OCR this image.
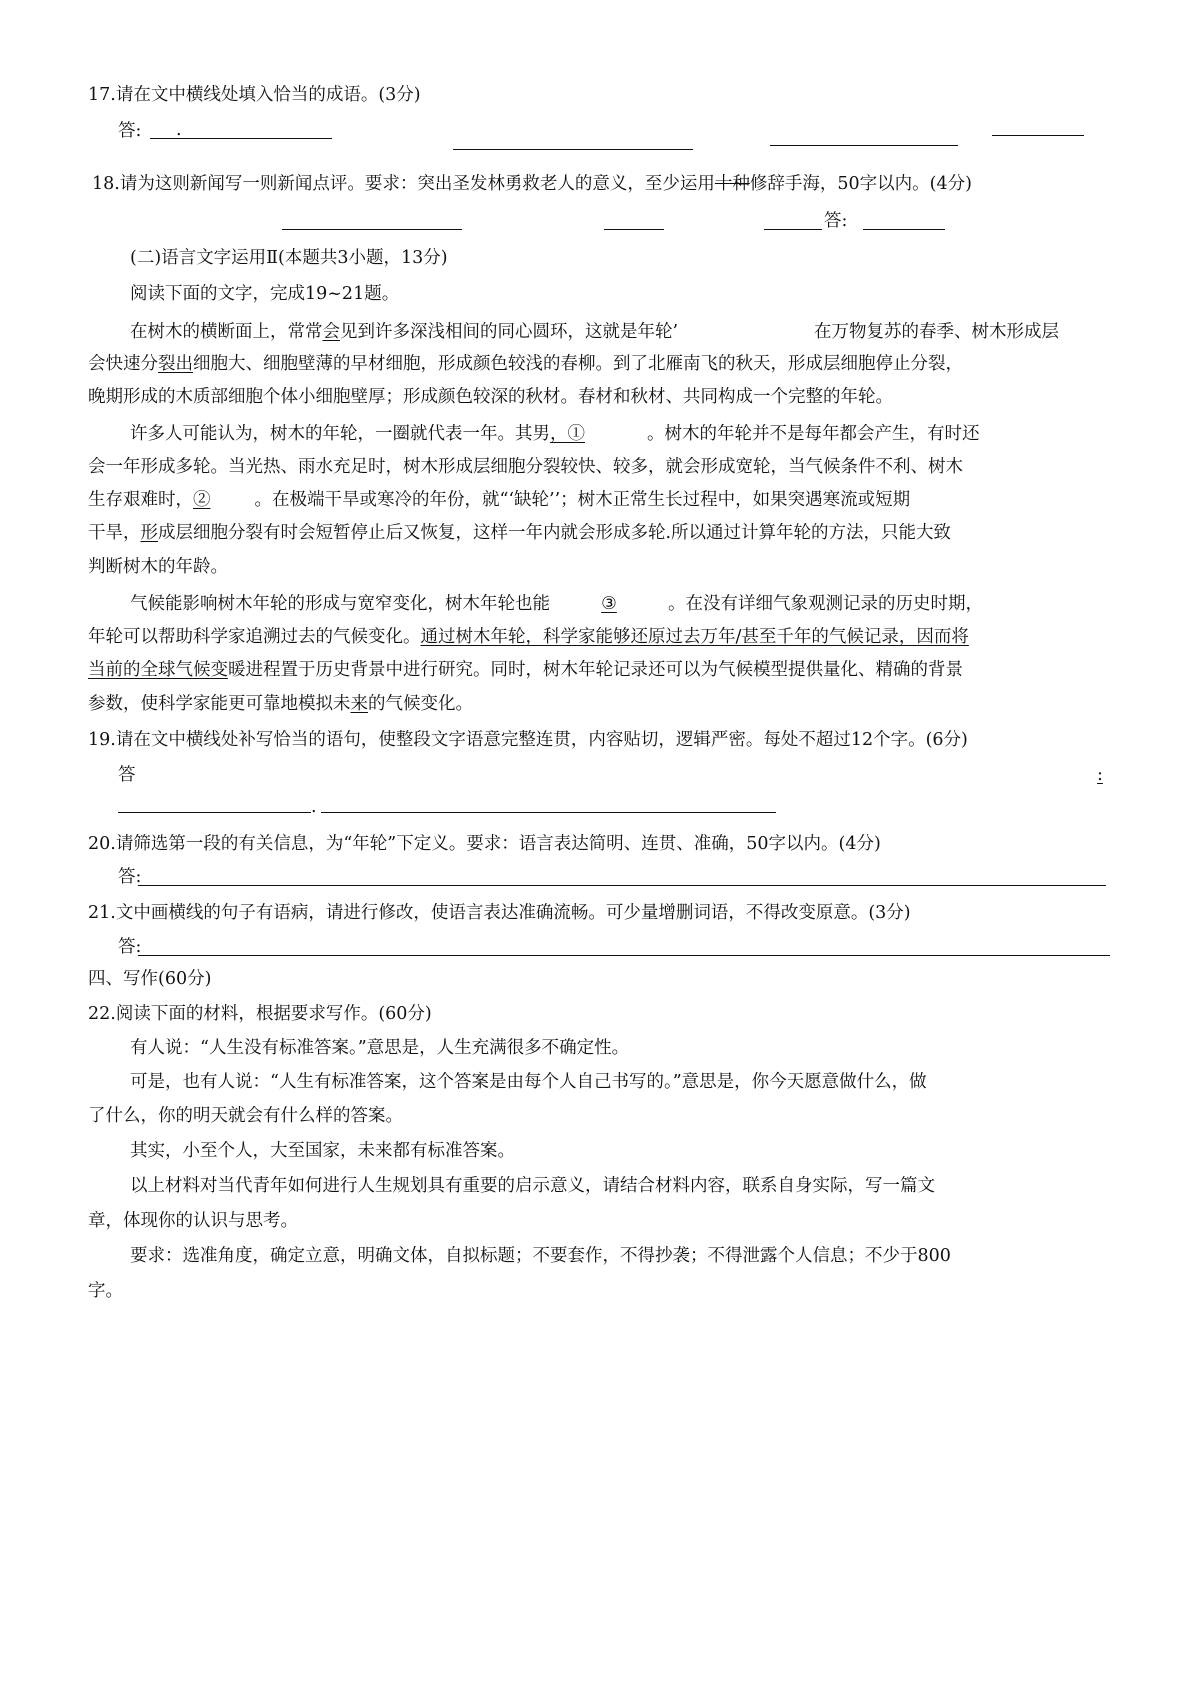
17.请在文中横线处填入恰当的成语。(3分)
答: .
18.请为这则新闻写一则新闻点评。要求：突出圣发林勇救老人的意义，至少运用十种修辞手海，50字以内。(4分)
答:
(二)语言文字运用Ⅱ(本题共3小题，13分)
阅读下面的文字，完成19~21题。
在树木的横断面上，常常会见到许多深浅相间的同心圆环，这就是年轮’	在万物复苏的春季、树木形成层
会快速分裂出细胞大、细胞壁薄的早材细胞，形成颜色较浅的春柳。到了北雁南飞的秋天，形成层细胞停止分裂，
晚期形成的木质部细胞个体小细胞壁厚；形成颜色较深的秋材。春材和秋材、共同构成一个完整的年轮。
许多人可能认为，树木的年轮，一圈就代表一年。其男，①	。树木的年轮并不是每年都会产生，有时还
会一年形成多轮。当光热、雨水充足时，树木形成层细胞分裂较快、较多，就会形成宽轮，当气候条件不利、树木
生存艰难时，②	。在极端干旱或寒冷的年份，就“‘缺轮’’；树木正常生长过程中，如果突遇寒流或短期
干旱，形成层细胞分裂有时会短暂停止后又恢复，这样一年内就会形成多轮.所以通过计算年轮的方法，只能大致
判断树木的年龄。
气候能影响树木年轮的形成与宽窄变化，树木年轮也能	③	。在没有详细气象观测记录的历史时期，
年轮可以帮助科学家追溯过去的气候变化。通过树木年轮，科学家能够还原过去万年/甚至千年的气候记录，因而将
当前的全球气候变暖进程置于历史背景中进行研究。同时，树木年轮记录还可以为气候模型提供量化、精确的背景
参数，使科学家能更可靠地模拟未来的气候变化。
19.请在文中横线处补写恰当的语句，使整段文字语意完整连贯，内容贴切，逻辑严密。每处不超过12个字。(6分)
答	:
.
20.请筛选第一段的有关信息，为“年轮”下定义。要求：语言表达简明、连贯、准确，50字以内。(4分)
答:
21.文中画横线的句子有语病，请进行修改，使语言表达准确流畅。可少量增删词语，不得改变原意。(3分)
答:
四、写作(60分)
22.阅读下面的材料，根据要求写作。(60分)
有人说：“人生没有标准答案。”意思是，人生充满很多不确定性。
可是，也有人说：“人生有标准答案，这个答案是由每个人自己书写的。”意思是，你今天愿意做什么，做
了什么，你的明天就会有什么样的答案。
其实，小至个人，大至国家，未来都有标准答案。
以上材料对当代青年如何进行人生规划具有重要的启示意义，请结合材料内容，联系自身实际，写一篇文
章，体现你的认识与思考。
要求：选准角度，确定立意，明确文体，自拟标题；不要套作，不得抄袭；不得泄露个人信息；不少于800
字。
